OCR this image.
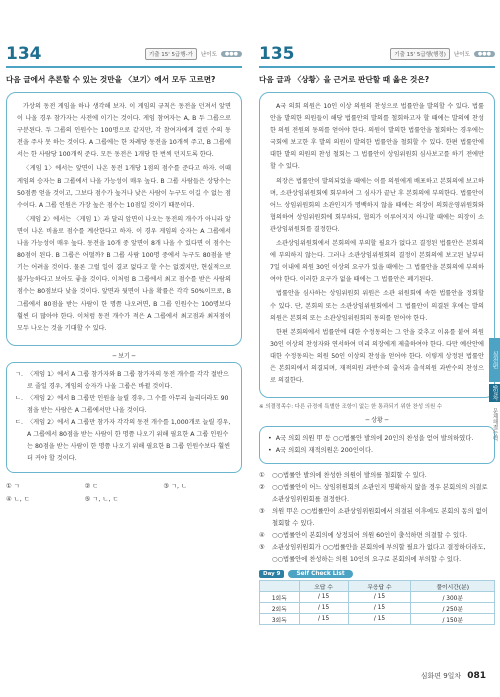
134	기출 15' 5급행-가	난이도	●●●
다음 글에서 추론할 수 있는 것만을 〈보기〉에서 모두 고르면?

가상의 동전 게임을 하나 생각해 보자. 이 게임의 규칙은 동전을 던져서 앞면이 나올 경우 참가자는 사전에 이기는 것이다. 게임 참여자는 A, B 두 그룹으로 구분된다. 두 그룹의 인원수는 100명으로 같지만, 각 참여자에게 걸린 수의 동전을 주사 못 하는 것이다. A 그룹에는 한 차례당 동전을 10개씩 주고, B 그룹에서는 한 사람당 100개씩 준다. 모든 동전은 1개당 한 번씩 던지도록 한다.

〈게임 1〉에서는 앞면이 나온 동전 1개당 1점의 점수를 준다고 하자. 이때 게임의 승자는 B 그룹에서 나올 가능성이 매우 높다. B 그룹 사람들은 상당수는 50점쯤 얻을 것이고, 그보다 점수가 높거나 낮은 사람이 누구도 이길 수 없는 점수이다. A 그룹 인원은 가장 높은 점수는 10점일 것이기 때문이다.

〈게임 2〉에서는 〈게임 1〉과 달리 앞면이 나오는 동전의 개수가 아니라 앞면이 나온 비율로 점수를 계산한다고 하자. 이 경우 게임의 승자는 A 그룹에서 나올 가능성이 매우 높다. 동전을 10개 중 앞면이 8개 나올 수 있다면 이 점수는 80점이 된다. B 그룹은 어떨까? B 그룹 사람 100명 중에서 누구도 80점을 받기는 어려울 것이다. 물론 그럴 일이 결코 없다고 할 수는 없겠지만, 현실적으로 불가능하다고 보아도 좋을 것이다. 이처럼 B 그룹에서 최고 점수를 받은 사람의 점수는 80점보다 낮을 것이다. 앞면과 뒷면이 나올 확률은 각각 50%이므로, B 그룹에서 80점을 받는 사람이 한 명쯤 나오려면, B 그룹 인원수는 100명보다 훨씬 더 많아야 한다. 이처럼 동전 개수가 적은 A 그룹에서 최고점과 최저점이 모두 나오는 것을 기대할 수 있다.

─ 보기 ─
ㄱ. 〈게임 1〉에서 A 그룹 참가자와 B 그룹 참가자의 동전 개수를 각각 절반으로 줄일 경우, 게임의 승자가 나올 그룹은 바뀔 것이다.
ㄴ. 〈게임 2〉에서 B 그룹만 인원을 늘릴 경우, 그 수를 아무리 늘리더라도 90점을 받는 사람은 A 그룹에서만 나올 것이다.
ㄷ. 〈게임 2〉에서 A 그룹만 참가자 각각의 동전 개수를 1,000개로 늘릴 경우, A 그룹에서 80점을 받는 사람이 한 명쯤 나오기 위해 필요한 A 그룹 인원수는 80점을 받는 사람이 한 명쯤 나오기 위해 필요한 B 그룹 인원수보다 훨씬 더 커야 할 것이다.
① ㄱ	② ㄷ	③ ㄱ, ㄴ
④ ㄴ, ㄷ	⑤ ㄱ, ㄴ, ㄷ
135	기출 15' 5급행(행정)	난이도	●●●
다음 글과 〈상황〉을 근거로 판단할 때 옳은 것은?

A국 의회 의원은 10인 이상 의원의 찬성으로 법률안을 발의할 수 있다. 법률안을 발의한 의원들이 해당 법률안의 발의를 철회하고자 할 때에는 발의에 찬성한 의원 전원의 동의를 얻어야 한다. 의원이 발의한 법률안을 철회하는 경우에는 국회에 보고한 후 발의 의원이 발의한 법률안을 철회할 수 있다. 한편 법률안에 대한 발의 의원의 찬성 철회는 그 법률안이 상임위원회 심사보고를 하기 전에만 할 수 있다.

의장은 법률안이 발의되었을 때에는 이를 의원에게 배포하고 본회의에 보고하며, 소관상임위원회에 회부하여 그 심사가 끝난 후 본회의에 부의한다. 법률안이 어느 상임위원회의 소관인지가 명백하지 않을 때에는 의장이 의회운영위원회와 협의하여 상임위원회에 회부하되, 협의가 이루어지지 아니할 때에는 의장이 소관상임위원회를 결정한다.

소관상임위원회에서 본회의에 부의할 필요가 없다고 결정된 법률안은 본회의에 부의하지 않는다. 그러나 소관상임위원회의 결정이 본회의에 보고된 날부터 7일 이내에 의원 30인 이상의 요구가 있을 때에는 그 법률안을 본회의에 부의하여야 한다. 이러한 요구가 없을 때에는 그 법률안은 폐기된다.

법률안을 심사하는 상임위원회 위원은 소관 위원회에 속한 법률안을 정회할 수 있다. 단, 본회의 또는 소관상임위원회에서 그 법률안이 의결된 후에는 발의의원은 본회의 또는 소관상임위원회의 동의를 얻어야 한다.

한편 본회의에서 법률안에 대한 수정동의는 그 안을 갖추고 이유를 붙여 의원 30인 이상의 찬성자와 연서하여 미리 의장에게 제출하여야 한다. 다만 예산안에 대한 수정동의는 의원 50인 이상의 찬성을 얻어야 한다. 이렇게 상정된 법률안은 본회의에서 의결되며, 재적의원 과반수의 출석과 출석의원 과반수의 찬성으로 의결한다.

※ 의결정족수: 다른 규정에 특별한 조항이 없는 한 통과되기 위한 찬성 의원 수
─ 상황 ─
• A국 의회 의원 甲 등 ○○법률안 발의에 20인의 찬성을 얻어 발의하였다.
• A국 의회의 재적의원은 200인이다.
①	○○법률안 발의에 찬성한 의원이 발의를 철회할 수 있다.
②	○○법률안이 어느 상임위원회의 소관인지 명확하지 않을 경우 본회의의 의결로 소관상임위원회를 결정한다.
③	의원 甲은 ○○법률안이 소관상임위원회에서 의결된 이후에도 본회의 동의 없이 철회할 수 있다.
④	○○법률안이 본회의에 상정되어 의원 60인이 출석하면 의결할 수 있다.
⑤	소관상임위원회가 ○○법률안을 본회의에 부의할 필요가 없다고 결정하더라도, ○○법률안에 찬성하는 의원 10인의 요구로 본회의에 부의할 수 있다.
Day 9	Self Check List
	오답 수	무응답 수	풀이시간(분)
1회독	/ 15	/ 15	/ 300분
2회독	/ 15	/ 15	/ 250분
3회독	/ 15	/ 15	/ 150분
실전편
9일차
문제해결능력
심화편 9일차 081
